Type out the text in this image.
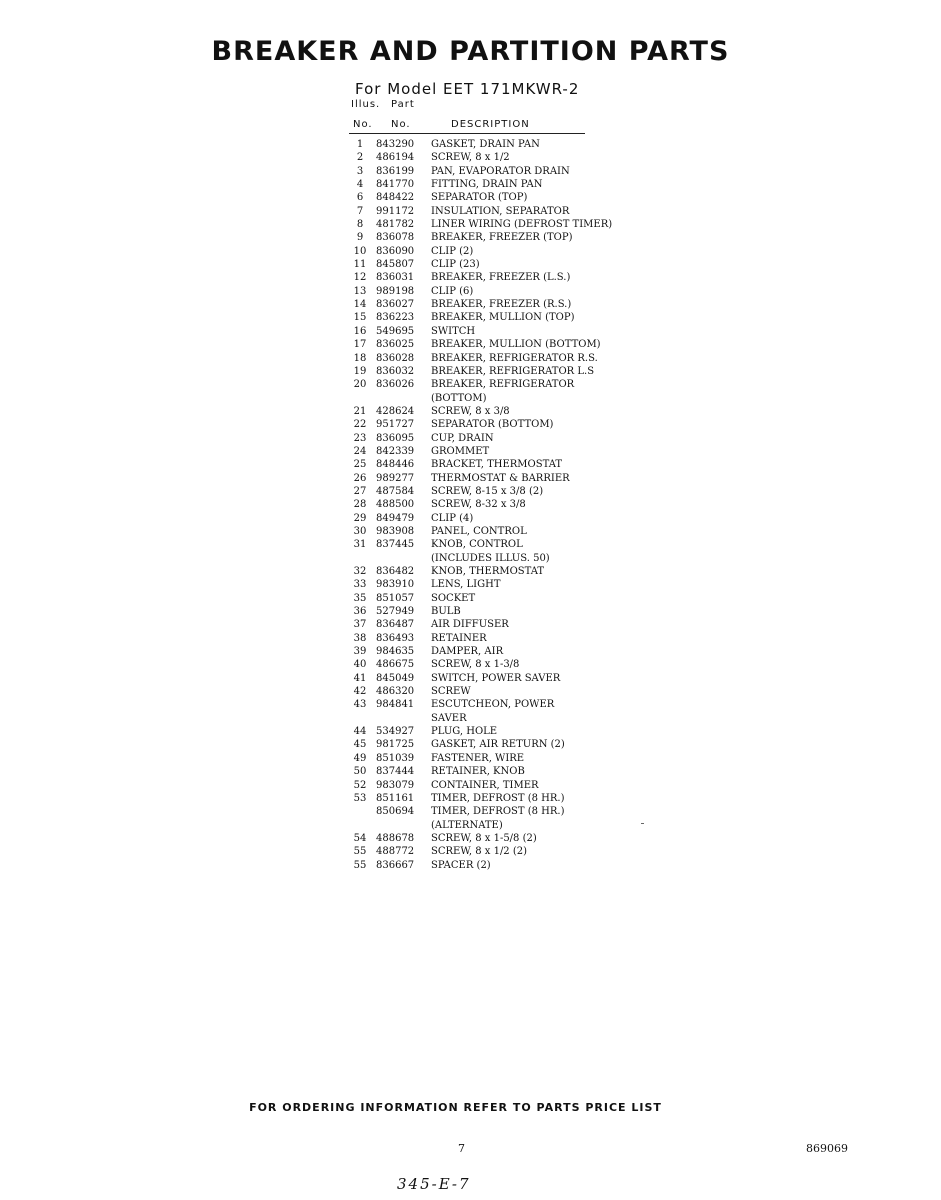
BREAKER AND PARTITION PARTS
For Model EET 171MKWR-2
Illus. Part
No. No.	DESCRIPTION
1	843290	GASKET, DRAIN PAN
2	486194	SCREW, 8 x 1/2
3	836199	PAN, EVAPORATOR DRAIN
4	841770	FITTING, DRAIN PAN
6	848422	SEPARATOR (TOP)
7	991172	INSULATION, SEPARATOR
8	481782	LINER WIRING (DEFROST TIMER)
9	836078	BREAKER, FREEZER (TOP)
10 836090	CLIP (2)
11 845807	CLIP (23)
12 836031	BREAKER, FREEZER (L.S.)
13 989198	CLIP (6)
14 836027	BREAKER, FREEZER (R.S.)
15 836223	BREAKER, MULLION (TOP)
16 549695	SWITCH
17 836025	BREAKER, MULLION (BOTTOM)
18 836028	BREAKER, REFRIGERATOR R.S.
19 836032	BREAKER, REFRIGERATOR L.S
20 836026	BREAKER, REFRIGERATOR
(BOTTOM)
21 428624	SCREW, 8 x 3/8
22 951727	SEPARATOR (BOTTOM)
23 836095	CUP, DRAIN
24 842339	GROMMET
25 848446	BRACKET, THERMOSTAT
26 989277	THERMOSTAT & BARRIER
27 487584	SCREW, 8-15 x 3/8 (2)
28 488500	SCREW, 8-32 x 3/8
29 849479	CLIP (4)
30 983908	PANEL, CONTROL
31 837445	KNOB, CONTROL
(INCLUDES ILLUS. 50)
32 836482	KNOB, THERMOSTAT
33 983910	LENS, LIGHT
35 851057	SOCKET
36 527949	BULB
37 836487	AIR DIFFUSER
38 836493	RETAINER
39 984635	DAMPER, AIR
40 486675	SCREW, 8 x 1-3/8
41 845049	SWITCH, POWER SAVER
42 486320	SCREW
43 984841	ESCUTCHEON, POWER
SAVER
44 534927	PLUG, HOLE
45 981725	GASKET, AIR RETURN (2)
49 851039	FASTENER, WIRE
50 837444	RETAINER, KNOB
52 983079	CONTAINER, TIMER
53 851161	TIMER, DEFROST (8 HR.)
850694	TIMER, DEFROST (8 HR.)
(ALTERNATE)
54 488678	SCREW, 8 x 1-5/8 (2)
55 488772	SCREW, 8 x 1/2 (2)
55 836667	SPACER (2)
FOR ORDERING INFORMATION REFER TO PARTS PRICE LIST
7	869069
345-E-7
